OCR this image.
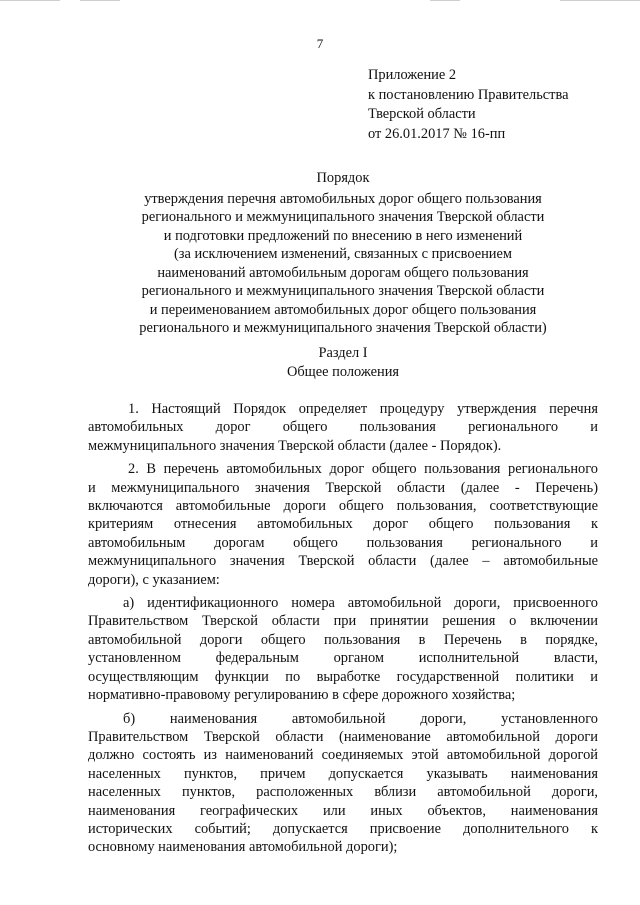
7
Приложение 2
к постановлению Правительства
Тверской области
от 26.01.2017 № 16-пп
Порядок
утверждения перечня автомобильных дорог общего пользования
регионального и межмуниципального значения Тверской области
и подготовки предложений по внесению в него изменений
(за исключением изменений, связанных с присвоением
наименований автомобильным дорогам общего пользования
регионального и межмуниципального значения Тверской области
и переименованием автомобильных дорог общего пользования
регионального и межмуниципального значения Тверской области)
Раздел I
Общее положения

1. Настоящий Порядок определяет процедуру утверждения перечня
автомобильных дорог общего пользования регионального и
межмуниципального значения Тверской области (далее - Порядок).

2. В перечень автомобильных дорог общего пользования регионального
и межмуниципального значения Тверской области (далее - Перечень)
включаются автомобильные дороги общего пользования, соответствующие
критериям отнесения автомобильных дорог общего пользования к
автомобильным дорогам общего пользования регионального и
межмуниципального значения Тверской области (далее – автомобильные
дороги), с указанием:

а) идентификационного номера автомобильной дороги, присвоенного
Правительством Тверской области при принятии решения о включении
автомобильной дороги общего пользования в Перечень в порядке,
установленном федеральным органом исполнительной власти,
осуществляющим функции по выработке государственной политики и
нормативно-правовому регулированию в сфере дорожного хозяйства;

б) наименования автомобильной дороги, установленного
Правительством Тверской области (наименование автомобильной дороги
должно состоять из наименований соединяемых этой автомобильной дорогой
населенных пунктов, причем допускается указывать наименования
населенных пунктов, расположенных вблизи автомобильной дороги,
наименования географических или иных объектов, наименования
исторических событий; допускается присвоение дополнительного к
основному наименования автомобильной дороги);
